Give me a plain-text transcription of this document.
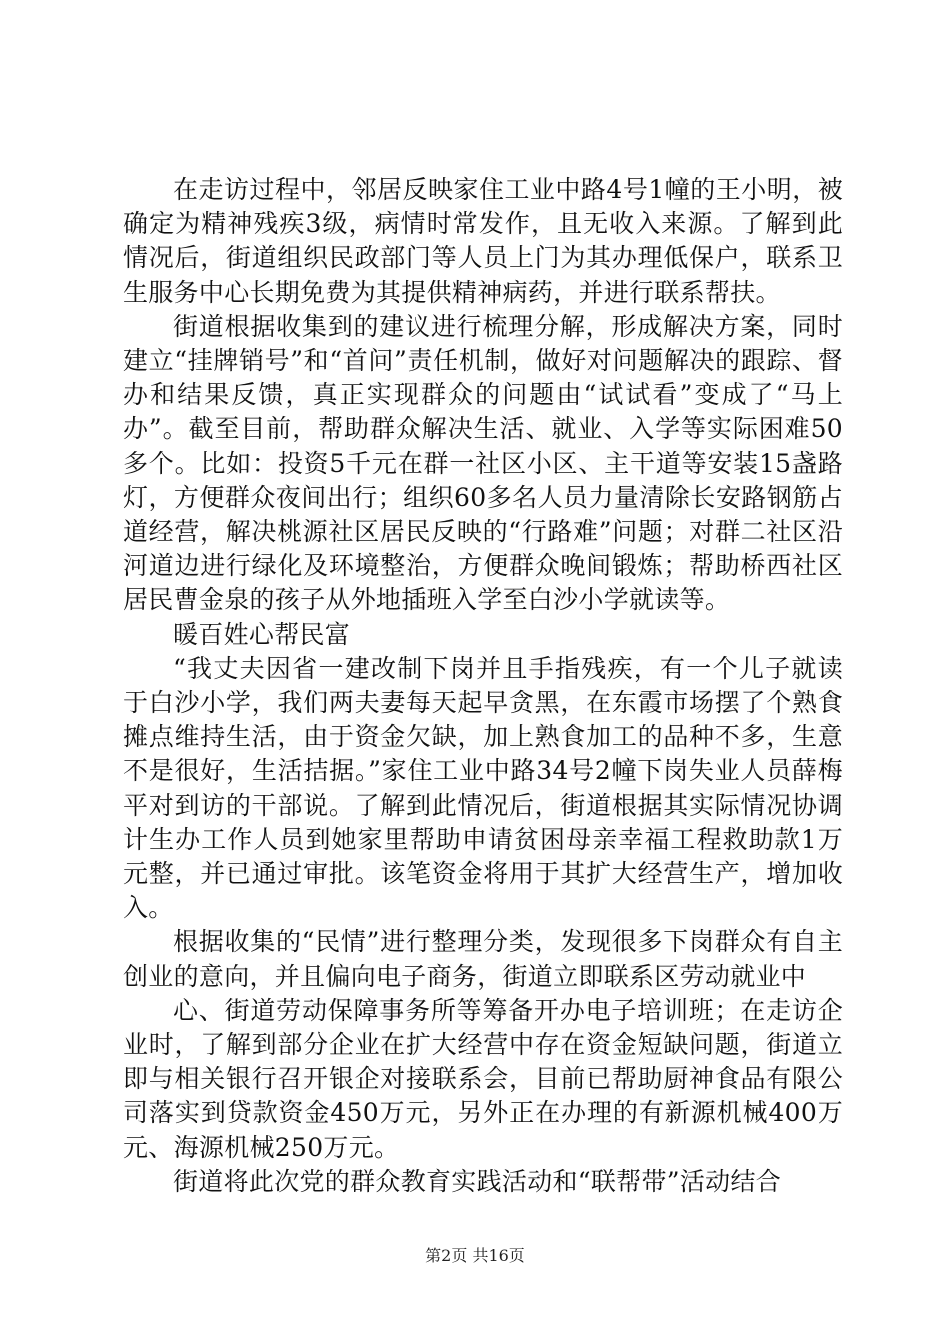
在走访过程中，邻居反映家住工业中路4号1幢的王小明，被确定为精神残疾3级，病情时常发作，且无收入来源。了解到此情况后，街道组织民政部门等人员上门为其办理低保户，联系卫生服务中心长期免费为其提供精神病药，并进行联系帮扶。

街道根据收集到的建议进行梳理分解，形成解决方案，同时建立“挂牌销号”和“首问”责任机制，做好对问题解决的跟踪、督办和结果反馈，真正实现群众的问题由“试试看”变成了“马上办”。截至目前，帮助群众解决生活、就业、入学等实际困难50多个。比如：投资5千元在群一社区小区、主干道等安装15盏路灯，方便群众夜间出行；组织60多名人员力量清除长安路钢筋占道经营，解决桃源社区居民反映的“行路难”问题；对群二社区沿河道边进行绿化及环境整治，方便群众晚间锻炼；帮助桥西社区居民曹金泉的孩子从外地插班入学至白沙小学就读等。

暖百姓心帮民富

“我丈夫因省一建改制下岗并且手指残疾，有一个儿子就读于白沙小学，我们两夫妻每天起早贪黑，在东霞市场摆了个熟食摊点维持生活，由于资金欠缺，加上熟食加工的品种不多，生意不是很好，生活拮据。”家住工业中路34号2幢下岗失业人员薛梅平对到访的干部说。了解到此情况后，街道根据其实际情况协调计生办工作人员到她家里帮助申请贫困母亲幸福工程救助款1万元整，并已通过审批。该笔资金将用于其扩大经营生产，增加收入。

根据收集的“民情”进行整理分类，发现很多下岗群众有自主创业的意向，并且偏向电子商务，街道立即联系区劳动就业中

心、街道劳动保障事务所等筹备开办电子培训班；在走访企业时，了解到部分企业在扩大经营中存在资金短缺问题，街道立即与相关银行召开银企对接联系会，目前已帮助厨神食品有限公司落实到贷款资金450万元，另外正在办理的有新源机械400万元、海源机械250万元。

街道将此次党的群众教育实践活动和“联帮带”活动结合

第2页 共16页
